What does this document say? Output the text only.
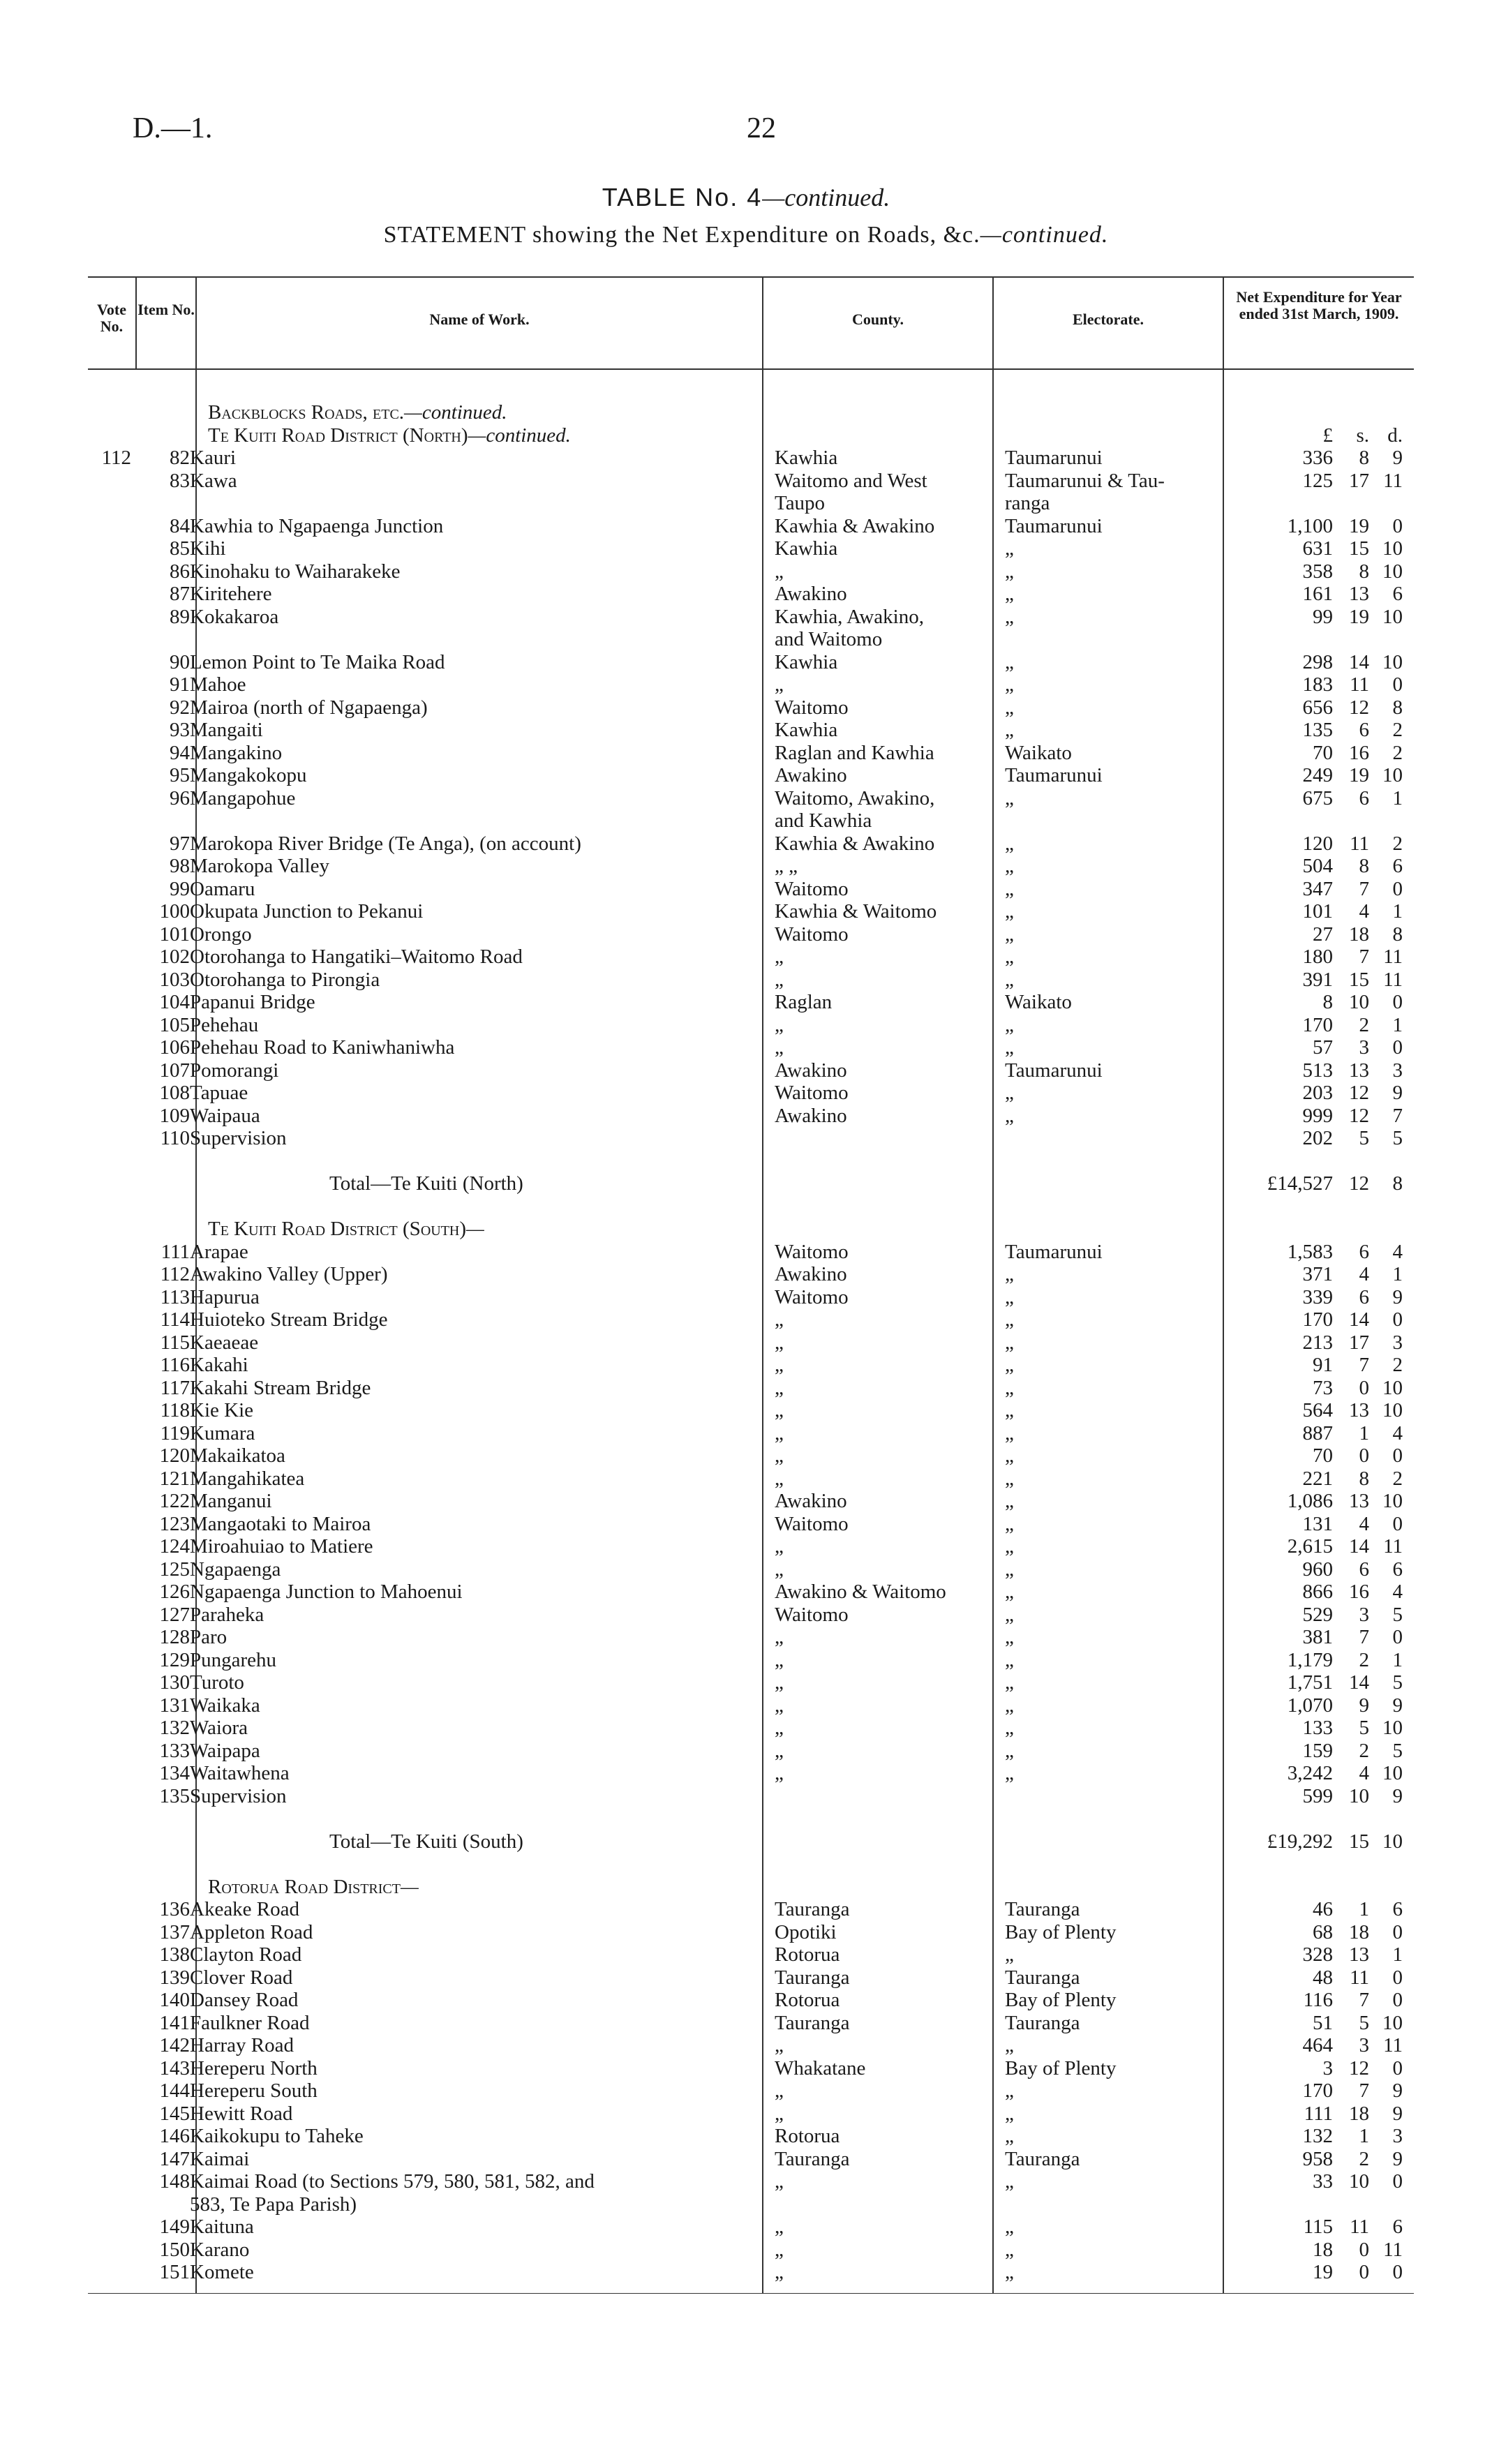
D.—1.	22
TABLE No. 4—continued.
STATEMENT showing the Net Expenditure on Roads, &c.—continued.
Vote No.
Item No.
Name of Work.	County.	Electorate.
Net Expenditure for Year ended 31st March, 1909.
		Backblocks Roads, etc.—continued.			
		Te Kuiti Road District (North)—continued.			£ s. d.

112	82	Kauri	Kawhia	Taumarunui	336 8 9

	83	Kawa	Waitomo and West	Taumarunui & Tau-	125 17 11

			Taupo	ranga	
	84	Kawhia to Ngapaenga Junction	Kawhia & Awakino	Taumarunui	1,100 19 0

	85	Kihi	Kawhia	„	631 15 10

	86	Kinohaku to Waiharakeke	„	„	358 8 10

	87	Kiritehere	Awakino	„	161 13 6

	89	Kokakaroa	Kawhia, Awakino,	„	99 19 10

			and Waitomo		
	90	Lemon Point to Te Maika Road	Kawhia	„	298 14 10

	91	Mahoe	„	„	183 11 0

	92	Mairoa (north of Ngapaenga)	Waitomo	„	656 12 8

	93	Mangaiti	Kawhia	„	135 6 2

	94	Mangakino	Raglan and Kawhia	Waikato	70 16 2

	95	Mangakokopu	Awakino	Taumarunui	249 19 10

	96	Mangapohue	Waitomo, Awakino,	„	675 6 1

			and Kawhia		
	97	Marokopa River Bridge (Te Anga), (on account)	Kawhia & Awakino	„	120 11 2

	98	Marokopa Valley	„ „	„	504 8 6

	99	Oamaru	Waitomo	„	347 7 0

	100	Okupata Junction to Pekanui	Kawhia & Waitomo	„	101 4 1

	101	Orongo	Waitomo	„	27 18 8

	102	Otorohanga to Hangatiki–Waitomo Road	„	„	180 7 11

	103	Otorohanga to Pirongia	„	„	391 15 11

	104	Papanui Bridge	Raglan	Waikato	8 10 0

	105	Pehehau	„	„	170 2 1

	106	Pehehau Road to Kaniwhaniwha	„	„	57 3 0

	107	Pomorangi	Awakino	Taumarunui	513 13 3

	108	Tapuae	Waitomo	„	203 12 9

	109	Waipaua	Awakino	„	999 12 7

	110	Supervision			202 5 5

		Total—Te Kuiti (North)			£14,527 12 8

		Te Kuiti Road District (South)—			
	111	Arapae	Waitomo	Taumarunui	1,583 6 4

	112	Awakino Valley (Upper)	Awakino	„	371 4 1

	113	Hapurua	Waitomo	„	339 6 9

	114	Huioteko Stream Bridge	„	„	170 14 0

	115	Kaeaeae	„	„	213 17 3

	116	Kakahi	„	„	91 7 2

	117	Kakahi Stream Bridge	„	„	73 0 10

	118	Kie Kie	„	„	564 13 10

	119	Kumara	„	„	887 1 4

	120	Makaikatoa	„	„	70 0 0

	121	Mangahikatea	„	„	221 8 2

	122	Manganui	Awakino	„	1,086 13 10

	123	Mangaotaki to Mairoa	Waitomo	„	131 4 0

	124	Miroahuiao to Matiere	„	„	2,615 14 11

	125	Ngapaenga	„	„	960 6 6

	126	Ngapaenga Junction to Mahoenui	Awakino & Waitomo	„	866 16 4

	127	Paraheka	Waitomo	„	529 3 5

	128	Paro	„	„	381 7 0

	129	Pungarehu	„	„	1,179 2 1

	130	Turoto	„	„	1,751 14 5

	131	Waikaka	„	„	1,070 9 9

	132	Waiora	„	„	133 5 10

	133	Waipapa	„	„	159 2 5

	134	Waitawhena	„	„	3,242 4 10

	135	Supervision			599 10 9

		Total—Te Kuiti (South)			£19,292 15 10

		Rotorua Road District—			
	136	Akeake Road	Tauranga	Tauranga	46 1 6

	137	Appleton Road	Opotiki	Bay of Plenty	68 18 0

	138	Clayton Road	Rotorua	„	328 13 1

	139	Clover Road	Tauranga	Tauranga	48 11 0

	140	Dansey Road	Rotorua	Bay of Plenty	116 7 0

	141	Faulkner Road	Tauranga	Tauranga	51 5 10

	142	Harray Road	„	„	464 3 11

	143	Hereperu North	Whakatane	Bay of Plenty	3 12 0

	144	Hereperu South	„	„	170 7 9

	145	Hewitt Road	„	„	111 18 9

	146	Kaikokupu to Taheke	Rotorua	„	132 1 3

	147	Kaimai	Tauranga	Tauranga	958 2 9

	148	Kaimai Road (to Sections 579, 580, 581, 582, and	„	„	33 10 0

		583, Te Papa Parish)			
	149	Kaituna	„	„	115 11 6

	150	Karano	„	„	18 0 11

	151	Komete	„	„	19 0 0
